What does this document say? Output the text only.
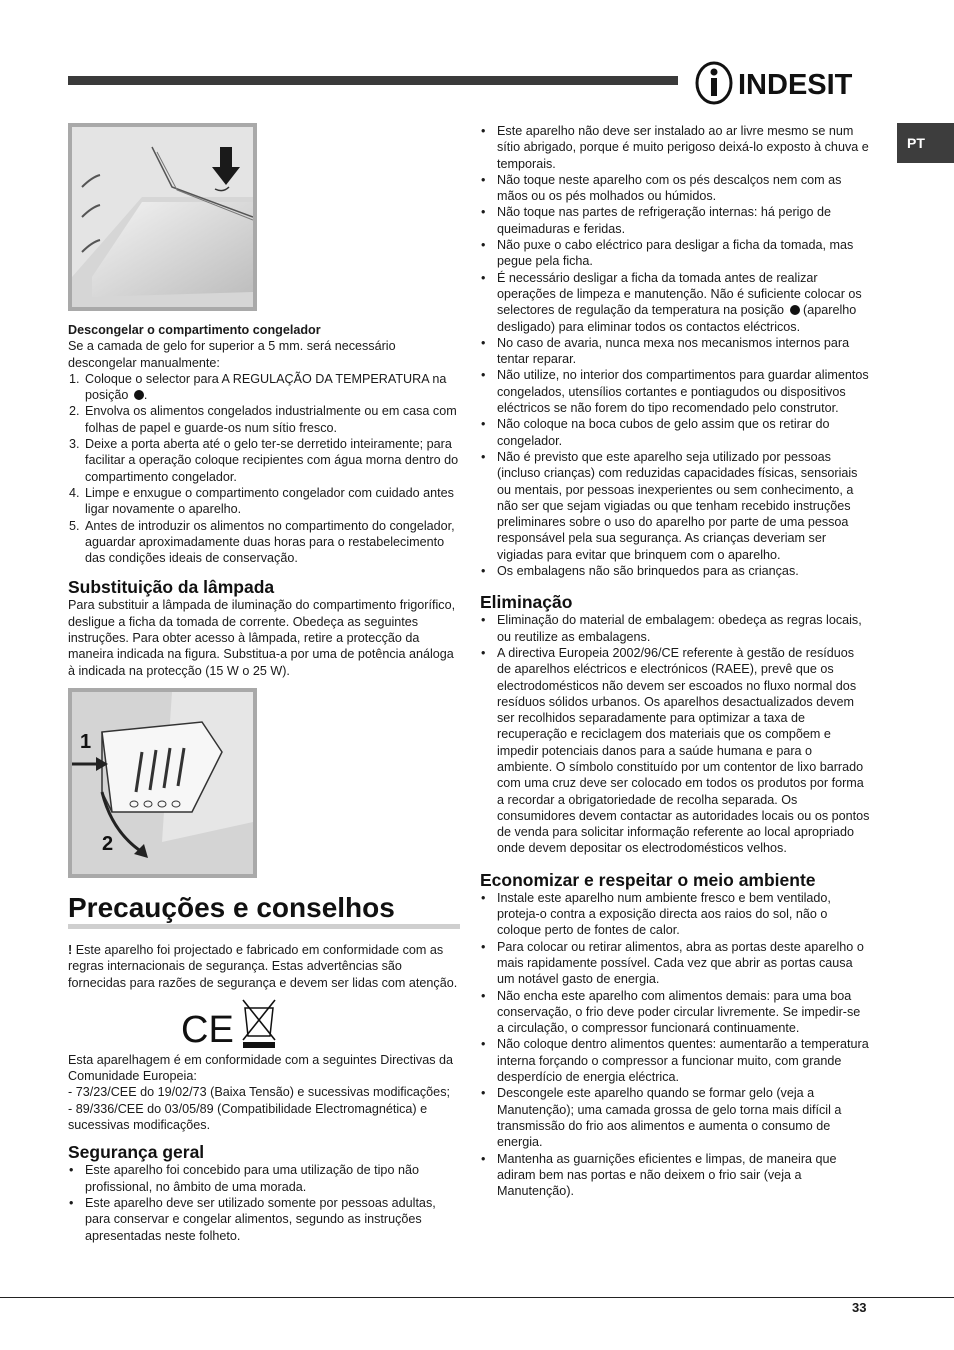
INDESIT
PT

Descongelar o compartimento congelador

Se a camada de gelo for superior a 5 mm. será necessário descongelar manualmente:

1. Coloque o selector para A REGULAÇÃO DA TEMPERATURA na posição .
2. Envolva os alimentos congelados industrialmente ou em casa com folhas de papel e guarde-os num sítio fresco.
3. Deixe a porta aberta até o gelo ter-se derretido inteiramente; para facilitar a operação coloque recipientes com água morna dentro do compartimento congelador.
4. Limpe e enxugue o compartimento congelador com cuidado antes ligar novamente o aparelho.
5. Antes de introduzir os alimentos no compartimento do congelador, aguardar aproximadamente duas horas para o restabelecimento das condições ideais de conservação.
Substituição da lâmpada

Para substituir a lâmpada de iluminação do compartimento frigorífico, desligue a ficha da tomada de corrente. Obedeça as seguintes instruções. Para obter acesso à lâmpada, retire a protecção da maneira indicada na figura. Substitua-a por uma de potência análoga à indicada na protecção (15 W o 25 W).

1
2
Precauções e conselhos

! Este aparelho foi projectado e fabricado em conformidade com as regras internacionais de segurança. Estas advertências são fornecidas para razões de segurança e devem ser lidas com atenção.

CE

Esta aparelhagem é em conformidade com a seguintes Directivas da Comunidade Europeia:

- 73/23/CEE do 19/02/73 (Baixa Tensão) e sucessivas modificações;

- 89/336/CEE do 03/05/89 (Compatibilidade Electromagnética) e sucessivas modificações.

Segurança geral
• Este aparelho foi concebido para uma utilização de tipo não profissional, no âmbito de uma morada.
• Este aparelho deve ser utilizado somente por pessoas adultas, para conservar e congelar alimentos, segundo as instruções apresentadas neste folheto.
• Este aparelho não deve ser instalado ao ar livre mesmo se num sítio abrigado, porque é muito perigoso deixá-lo exposto à chuva e temporais.
• Não toque neste aparelho com os pés descalços nem com as mãos ou os pés molhados ou húmidos.
• Não toque nas partes de refrigeração internas: há perigo de queimaduras e feridas.
• Não puxe o cabo eléctrico para desligar a ficha da tomada, mas pegue pela ficha.
• É necessário desligar a ficha da tomada antes de realizar operações de limpeza e manutenção. Não é suficiente colocar os selectores de regulação da temperatura na posição (aparelho desligado) para eliminar todos os contactos eléctricos.
• No caso de avaria, nunca mexa nos mecanismos internos para tentar reparar.
• Não utilize, no interior dos compartimentos para guardar alimentos congelados, utensílios cortantes e pontiagudos ou dispositivos eléctricos se não forem do tipo recomendado pelo construtor.
• Não coloque na boca cubos de gelo assim que os retirar do congelador.
• Não é previsto que este aparelho seja utilizado por pessoas (incluso crianças) com reduzidas capacidades físicas, sensoriais ou mentais, por pessoas inexperientes ou sem conhecimento, a não ser que sejam vigiadas ou que tenham recebido instruções preliminares sobre o uso do aparelho por parte de uma pessoa responsável pela sua segurança. As crianças deveriam ser vigiadas para evitar que brinquem com o aparelho.
• Os embalagens não são brinquedos para as crianças.
Eliminação
• Eliminação do material de embalagem: obedeça as regras locais, ou reutilize as embalagens.
• A directiva Europeia 2002/96/CE referente à gestão de resíduos de aparelhos eléctricos e electrónicos (RAEE), prevê que os electrodomésticos não devem ser escoados no fluxo normal dos resíduos sólidos urbanos. Os aparelhos desactualizados devem ser recolhidos separadamente para optimizar a taxa de recuperação e reciclagem dos materiais que os compõem e impedir potenciais danos para a saúde humana e para o ambiente. O símbolo constituído por um contentor de lixo barrado com uma cruz deve ser colocado em todos os produtos por forma a recordar a obrigatoriedade de recolha separada. Os consumidores devem contactar as autoridades locais ou os pontos de venda para solicitar informação referente ao local apropriado onde devem depositar os electrodomésticos velhos.
Economizar e respeitar o meio ambiente
• Instale este aparelho num ambiente fresco e bem ventilado, proteja-o contra a exposição directa aos raios do sol, não o coloque perto de fontes de calor.
• Para colocar ou retirar alimentos, abra as portas deste aparelho o mais rapidamente possível. Cada vez que abrir as portas causa um notável gasto de energia.
• Não encha este aparelho com alimentos demais: para uma boa conservação, o frio deve poder circular livremente. Se impedir-se a circulação, o compressor funcionará continuamente.
• Não coloque dentro alimentos quentes: aumentarão a temperatura interna forçando o compressor a funcionar muito, com grande desperdício de energia eléctrica.
• Descongele este aparelho quando se formar gelo (veja a Manutenção); uma camada grossa de gelo torna mais difícil a transmissão do frio aos alimentos e aumenta o consumo de energia.
• Mantenha as guarnições eficientes e limpas, de maneira que adiram bem nas portas e não deixem o frio sair (veja a Manutenção).
33
